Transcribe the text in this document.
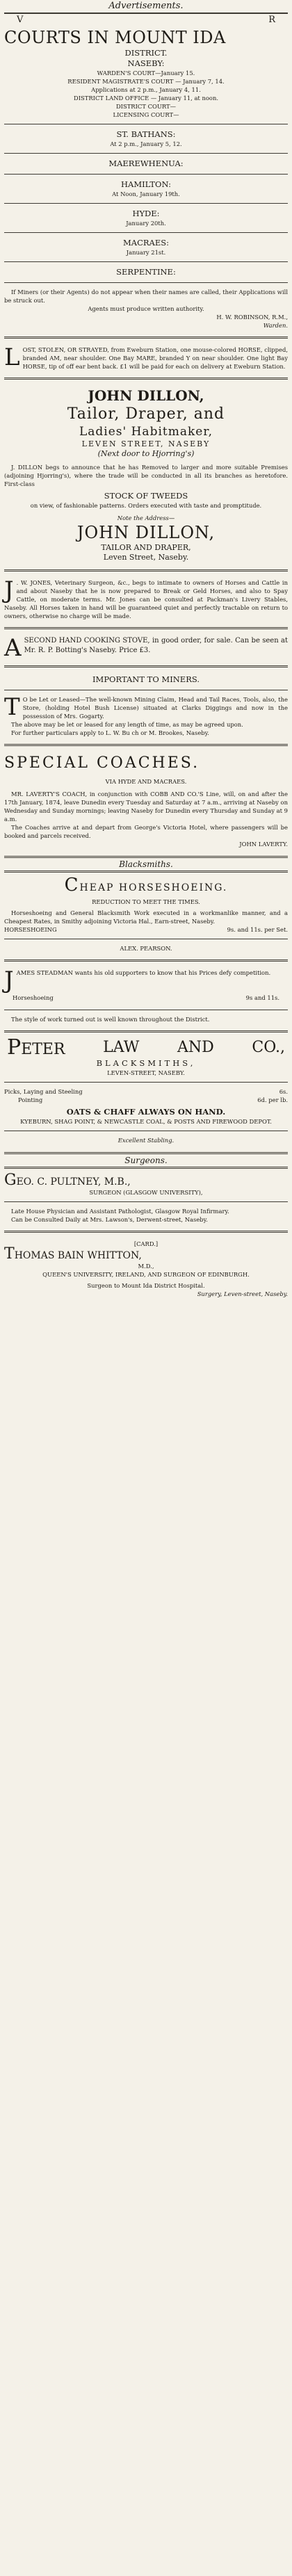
Advertisements.
V	R

COURTS IN MOUNT IDA

DISTRICT.

NASEBY:

WARDEN'S COURT—January 15.

RESIDENT MAGISTRATE'S COURT — January 7, 14.

Applications at 2 p.m., January 4, 11.

DISTRICT LAND OFFICE — January 11, at noon.

DISTRICT COURT—

LICENSING COURT—

ST. BATHANS:

At 2 p.m., January 5, 12.

MAEREWHENUA:

HAMILTON:

At Noon, January 19th.

HYDE:

January 20th.

MACRAES:

January 21st.

SERPENTINE:

If Miners (or their Agents) do not appear when their names are called, their Applications will be struck out.

Agents must produce written authority.

H. W. ROBINSON, R.M.,

Warden.

L OST, STOLEN, OR STRAYED, from Eweburn Station, one mouse-colored HORSE, clipped, branded AM, near shoulder. One Bay MARE, branded Y on near shoulder. One light Bay HORSE, tip of off ear bent back. £1 will be paid for each on delivery at Eweburn Station.

JOHN DILLON,

Tailor, Draper, and

Ladies' Habitmaker,

LEVEN STREET, NASEBY

(Next door to Hjorring's)

J. DILLON begs to announce that he has Removed to larger and more suitable Premises (adjoining Hjorring's), where the trade will be conducted in all its branches as heretofore. First-class

STOCK OF TWEEDS

on view, of fashionable patterns. Orders executed with taste and promptitude.

Note the Address—

JOHN DILLON,

TAILOR AND DRAPER,

Leven Street, Naseby.

J . W. JONES, Veterinary Surgeon, &c., begs to intimate to owners of Horses and Cattle in and about Naseby that he is now prepared to Break or Geld Horses, and also to Spay Cattle, on moderate terms. Mr. Jones can be consulted at Packman's Livery Stables, Naseby. All Horses taken in hand will be guaranteed quiet and perfectly tractable on return to owners, otherwise no charge will be made.

A SECOND HAND COOKING STOVE, in good order, for sale. Can be seen at Mr. R. P. Botting's Naseby. Price £3.

IMPORTANT TO MINERS.

T O be Let or Leased—The well-known Mining Claim, Head and Tail Races, Tools, also, the Store, (holding Hotel Bush License) situated at Clarks Diggings and now in the possession of Mrs. Gogarty.

The above may be let or leased for any length of time, as may be agreed upon.

For further particulars apply to L. W. Bu ch or M. Brookes, Naseby.

SPECIAL COACHES.

VIA HYDE AND MACRAES.

MR. LAVERTY'S COACH, in conjunction with COBB AND CO.'S Line, will, on and after the 17th January, 1874, leave Dunedin every Tuesday and Saturday at 7 a.m., arriving at Naseby on Wednesday and Sunday mornings; leaving Naseby for Dunedin every Thursday and Sunday at 9 a.m.

The Coaches arrive at and depart from George's Victoria Hotel, where passengers will be booked and parcels received.

JOHN LAVERTY.

Blacksmiths.

CHEAP HORSESHOEING.

REDUCTION TO MEET THE TIMES.

Horseshoeing and General Blacksmith Work executed in a workmanlike manner, and a Cheapest Rates, in Smithy adjoining Victoria Hal., Earn-street, Naseby.

HORSESHOEING	9s. and 11s. per Set.

ALEX. PEARSON.

J AMES STEADMAN wants his old supporters to know that his Prices defy competition.

Horseshoeing	9s and 11s.

The style of work turned out is well known throughout the District.

PETER LAW AND CO.,

BLACKSMITHS,

LEVEN-STREET, NASEBY.

Picks, Laying and Steeling	6s.
Pointing	6d. per lb.

OATS & CHAFF ALWAYS ON HAND.

KYEBURN, SHAG POINT, & NEWCASTLE COAL, & POSTS AND FIREWOOD DEPOT.

Excellent Stabling.

Surgeons.

GEO. C. PULTNEY, M.B.,

SURGEON (GLASGOW UNIVERSITY),

Late House Physician and Assistant Pathologist, Glasgow Royal Infirmary.

Can be Consulted Daily at Mrs. Lawson's, Derwent-street, Naseby.

[CARD.]

THOMAS BAIN WHITTON,

M.D.,

QUEEN'S UNIVERSITY, IRELAND, AND SURGEON OF EDINBURGH.

Surgeon to Mount Ida District Hospital.

Surgery, Leven-street, Naseby.
